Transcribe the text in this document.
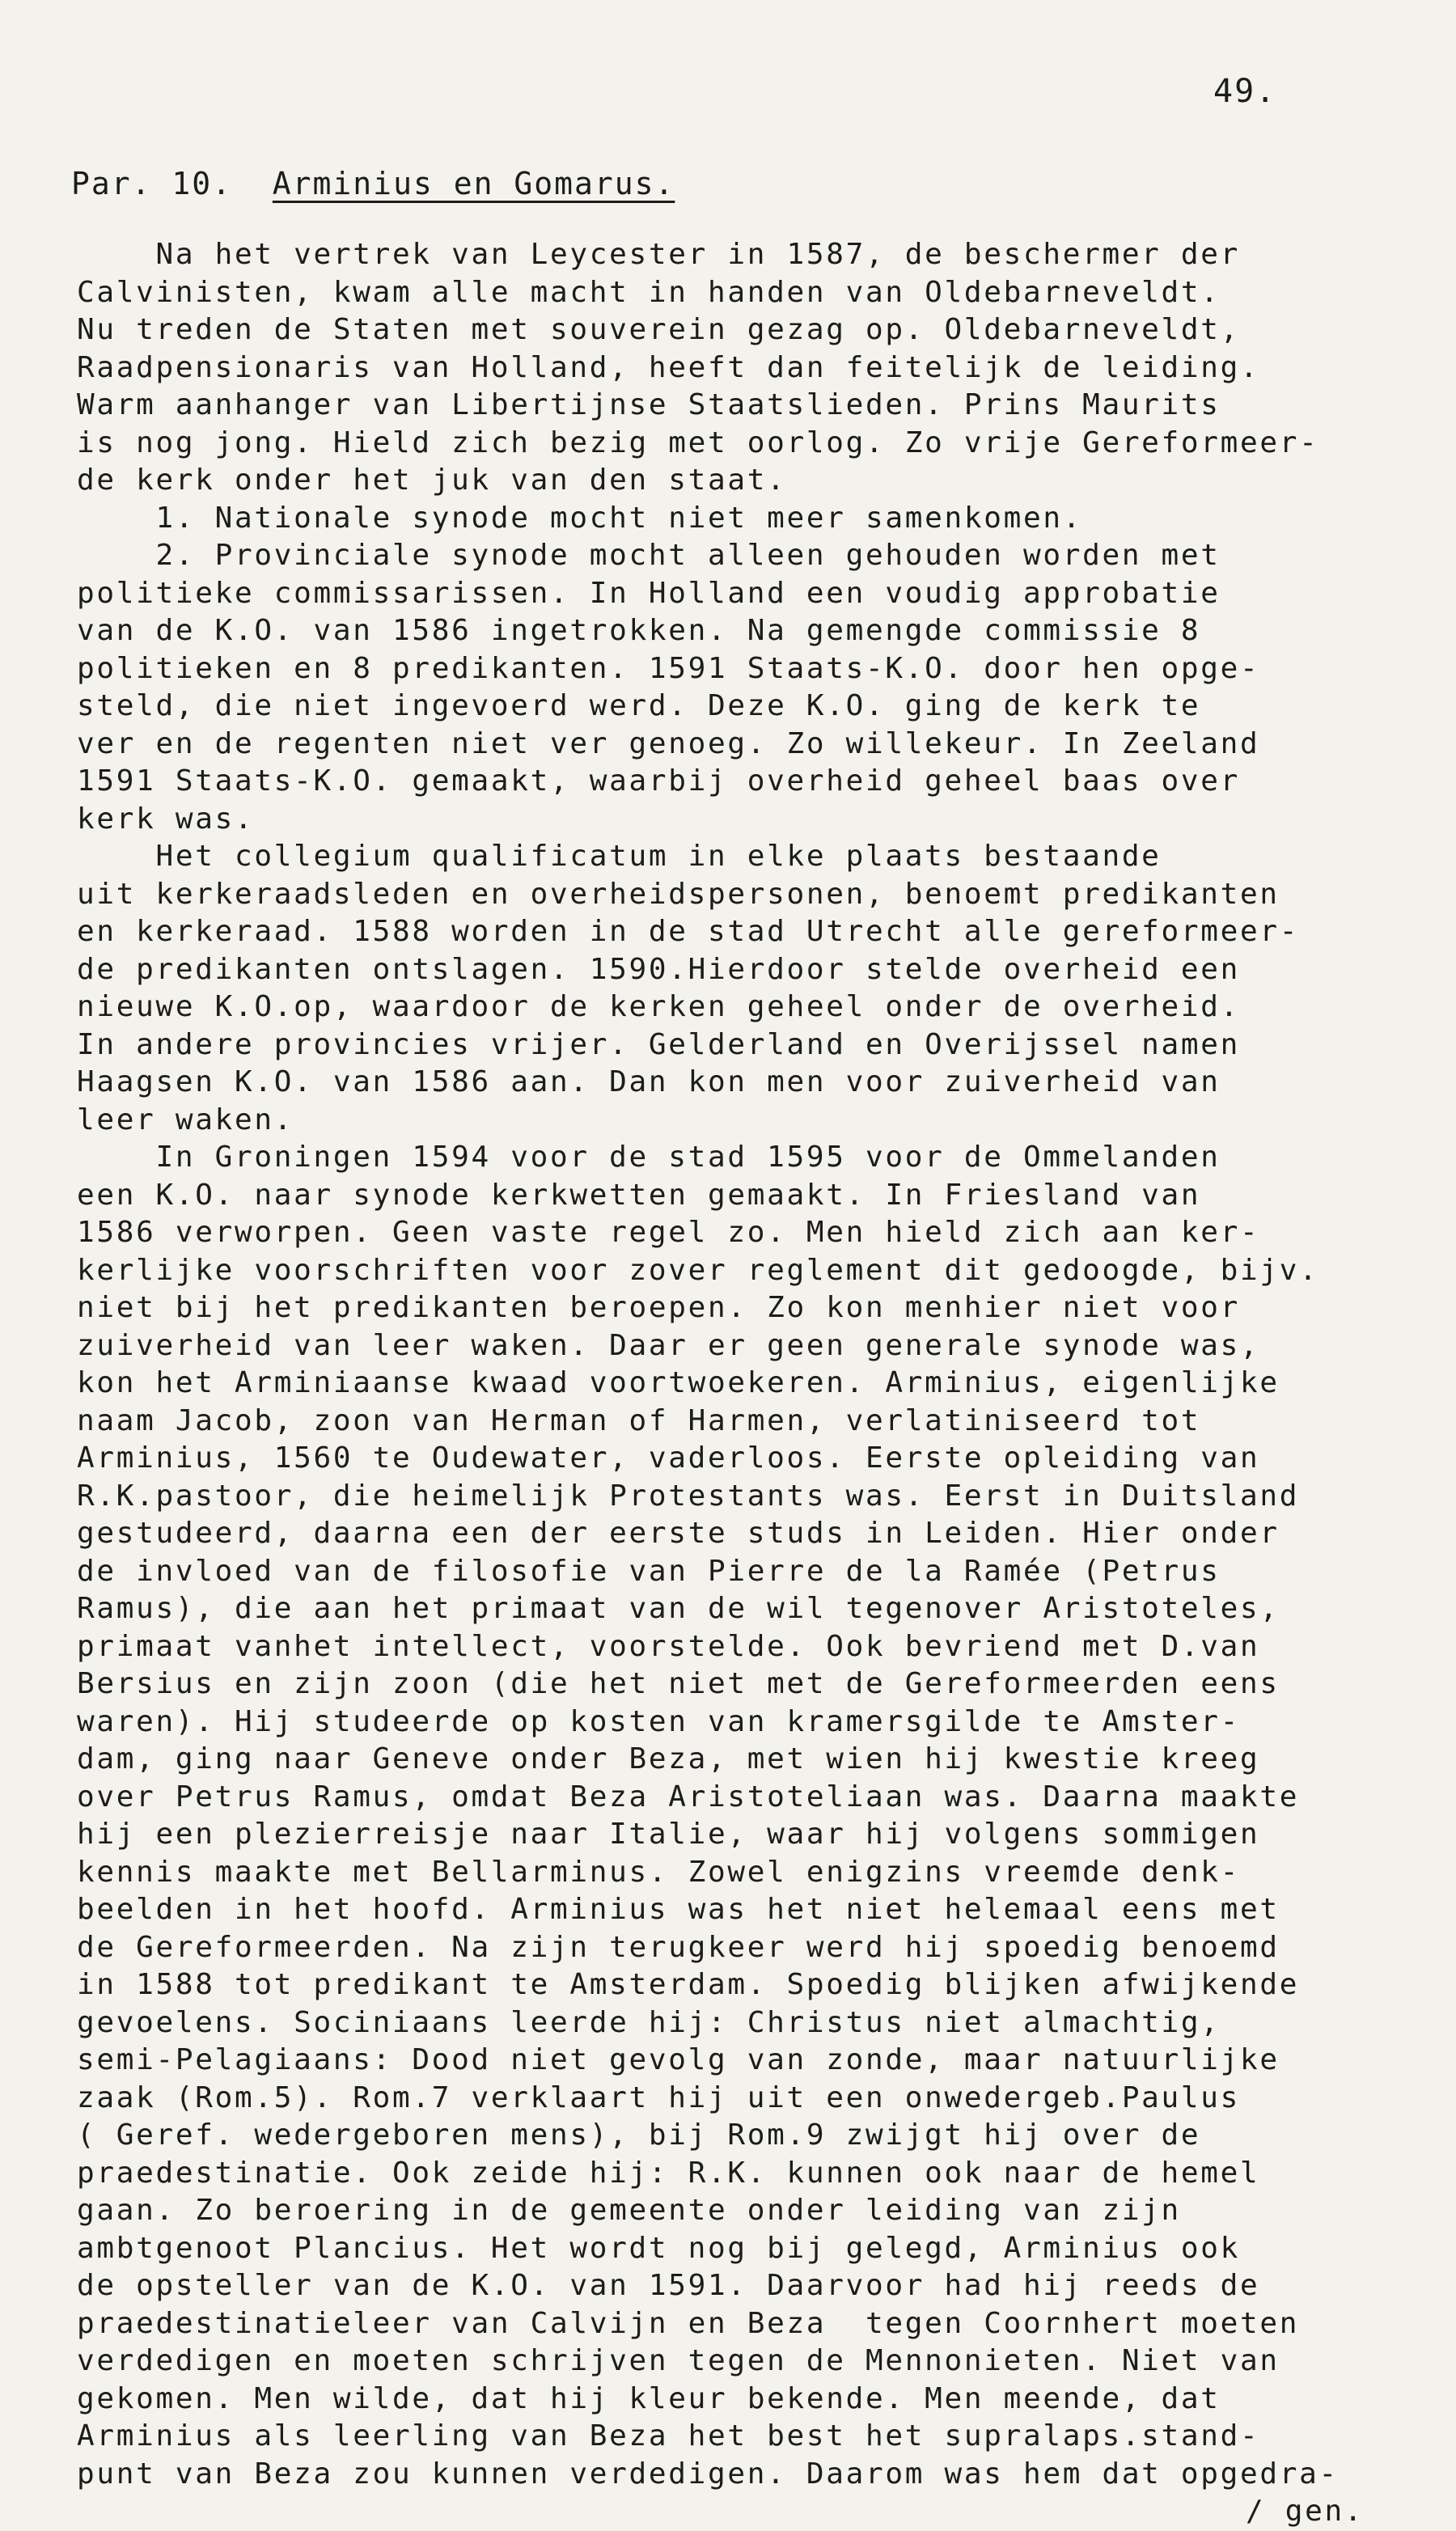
49.
Par. 10. Arminius en Gomarus.
Na het vertrek van Leycester in 1587, de beschermer der
Calvinisten, kwam alle macht in handen van Oldebarneveldt.
Nu treden de Staten met souverein gezag op. Oldebarneveldt,
Raadpensionaris van Holland, heeft dan feitelijk de leiding.
Warm aanhanger van Libertijnse Staatslieden. Prins Maurits
is nog jong. Hield zich bezig met oorlog. Zo vrije Gereformeer-
de kerk onder het juk van den staat.
1. Nationale synode mocht niet meer samenkomen.
2. Provinciale synode mocht alleen gehouden worden met
politieke commissarissen. In Holland een voudig approbatie
van de K.O. van 1586 ingetrokken. Na gemengde commissie 8
politieken en 8 predikanten. 1591 Staats-K.O. door hen opge-
steld, die niet ingevoerd werd. Deze K.O. ging de kerk te
ver en de regenten niet ver genoeg. Zo willekeur. In Zeeland
1591 Staats-K.O. gemaakt, waarbij overheid geheel baas over
kerk was.
Het collegium qualificatum in elke plaats bestaande
uit kerkeraadsleden en overheidspersonen, benoemt predikanten
en kerkeraad. 1588 worden in de stad Utrecht alle gereformeer-
de predikanten ontslagen. 1590.Hierdoor stelde overheid een
nieuwe K.O.op, waardoor de kerken geheel onder de overheid.
In andere provincies vrijer. Gelderland en Overijssel namen
Haagsen K.O. van 1586 aan. Dan kon men voor zuiverheid van
leer waken.
In Groningen 1594 voor de stad 1595 voor de Ommelanden
een K.O. naar synode kerkwetten gemaakt. In Friesland van
1586 verworpen. Geen vaste regel zo. Men hield zich aan ker-
kerlijke voorschriften voor zover reglement dit gedoogde, bijv.
niet bij het predikanten beroepen. Zo kon menhier niet voor
zuiverheid van leer waken. Daar er geen generale synode was,
kon het Arminiaanse kwaad voortwoekeren. Arminius, eigenlijke
naam Jacob, zoon van Herman of Harmen, verlatiniseerd tot
Arminius, 1560 te Oudewater, vaderloos. Eerste opleiding van
R.K.pastoor, die heimelijk Protestants was. Eerst in Duitsland
gestudeerd, daarna een der eerste studs in Leiden. Hier onder
de invloed van de filosofie van Pierre de la Ramée (Petrus
Ramus), die aan het primaat van de wil tegenover Aristoteles,
primaat vanhet intellect, voorstelde. Ook bevriend met D.van
Bersius en zijn zoon (die het niet met de Gereformeerden eens
waren). Hij studeerde op kosten van kramersgilde te Amster-
dam, ging naar Geneve onder Beza, met wien hij kwestie kreeg
over Petrus Ramus, omdat Beza Aristoteliaan was. Daarna maakte
hij een plezierreisje naar Italie, waar hij volgens sommigen
kennis maakte met Bellarminus. Zowel enigzins vreemde denk-
beelden in het hoofd. Arminius was het niet helemaal eens met
de Gereformeerden. Na zijn terugkeer werd hij spoedig benoemd
in 1588 tot predikant te Amsterdam. Spoedig blijken afwijkende
gevoelens. Sociniaans leerde hij: Christus niet almachtig,
semi-Pelagiaans: Dood niet gevolg van zonde, maar natuurlijke
zaak (Rom.5). Rom.7 verklaart hij uit een onwedergeb.Paulus
( Geref. wedergeboren mens), bij Rom.9 zwijgt hij over de
praedestinatie. Ook zeide hij: R.K. kunnen ook naar de hemel
gaan. Zo beroering in de gemeente onder leiding van zijn
ambtgenoot Plancius. Het wordt nog bij gelegd, Arminius ook
de opsteller van de K.O. van 1591. Daarvoor had hij reeds de
praedestinatieleer van Calvijn en Beza  tegen Coornhert moeten
verdedigen en moeten schrijven tegen de Mennonieten. Niet van
gekomen. Men wilde, dat hij kleur bekende. Men meende, dat
Arminius als leerling van Beza het best het supralaps.stand-
punt van Beza zou kunnen verdedigen. Daarom was hem dat opgedra-
/ gen.
